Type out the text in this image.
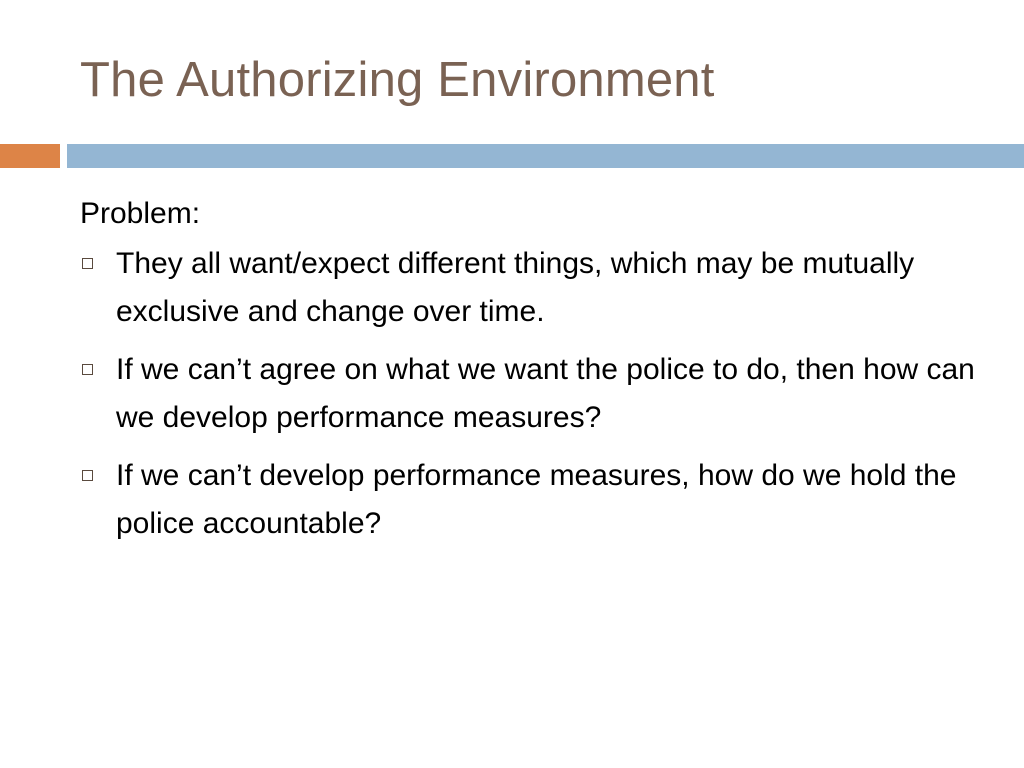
The Authorizing Environment

Problem:

They all want/expect different things, which may be mutually exclusive and change over time.
If we can’t agree on what we want the police to do, then how can we develop performance measures?
If we can’t develop performance measures, how do we hold the police accountable?
